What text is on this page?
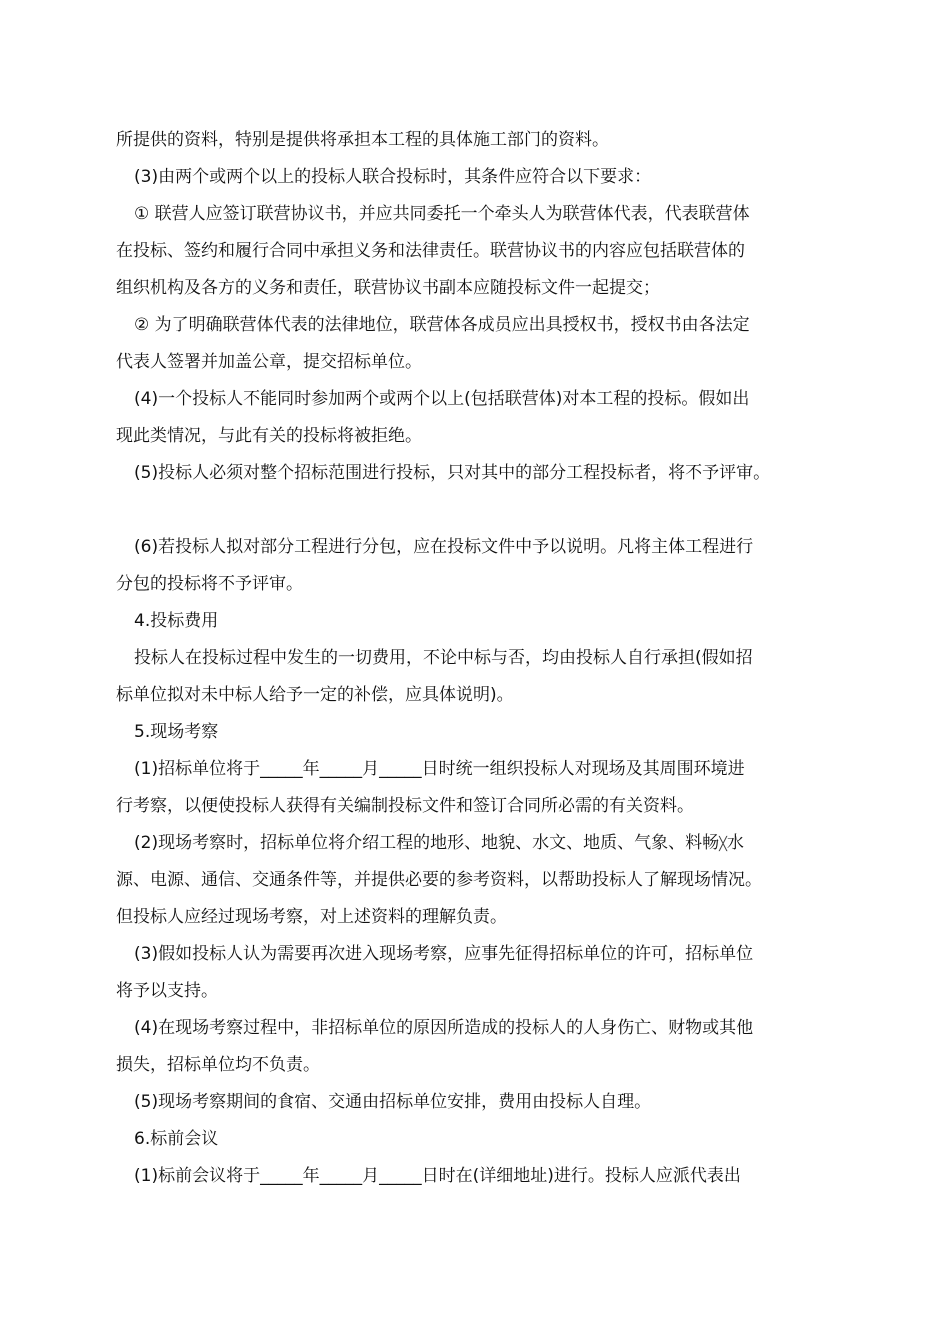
所提供的资料，特别是提供将承担本工程的具体施工部门的资料。
(3)由两个或两个以上的投标人联合投标时，其条件应符合以下要求：
① 联营人应签订联营协议书，并应共同委托一个牵头人为联营体代表，代表联营体
在投标、签约和履行合同中承担义务和法律责任。联营协议书的内容应包括联营体的
组织机构及各方的义务和责任，联营协议书副本应随投标文件一起提交；
② 为了明确联营体代表的法律地位，联营体各成员应出具授权书，授权书由各法定
代表人签署并加盖公章，提交招标单位。
(4)一个投标人不能同时参加两个或两个以上(包括联营体)对本工程的投标。假如出
现此类情况，与此有关的投标将被拒绝。
(5)投标人必须对整个招标范围进行投标，只对其中的部分工程投标者，将不予评审。
(6)若投标人拟对部分工程进行分包，应在投标文件中予以说明。凡将主体工程进行
分包的投标将不予评审。
4.投标费用
投标人在投标过程中发生的一切费用，不论中标与否，均由投标人自行承担(假如招
标单位拟对未中标人给予一定的补偿，应具体说明)。
5.现场考察
(1)招标单位将于_____年_____月_____日时统一组织投标人对现场及其周围环境进
行考察，以便使投标人获得有关编制投标文件和签订合同所必需的有关资料。
(2)现场考察时，招标单位将介绍工程的地形、地貌、水文、地质、气象、料畅╳水
源、电源、通信、交通条件等，并提供必要的参考资料，以帮助投标人了解现场情况。
但投标人应经过现场考察，对上述资料的理解负责。
(3)假如投标人认为需要再次进入现场考察，应事先征得招标单位的许可，招标单位
将予以支持。
(4)在现场考察过程中，非招标单位的原因所造成的投标人的人身伤亡、财物或其他
损失，招标单位均不负责。
(5)现场考察期间的食宿、交通由招标单位安排，费用由投标人自理。
6.标前会议
(1)标前会议将于_____年_____月_____日时在(详细地址)进行。投标人应派代表出
